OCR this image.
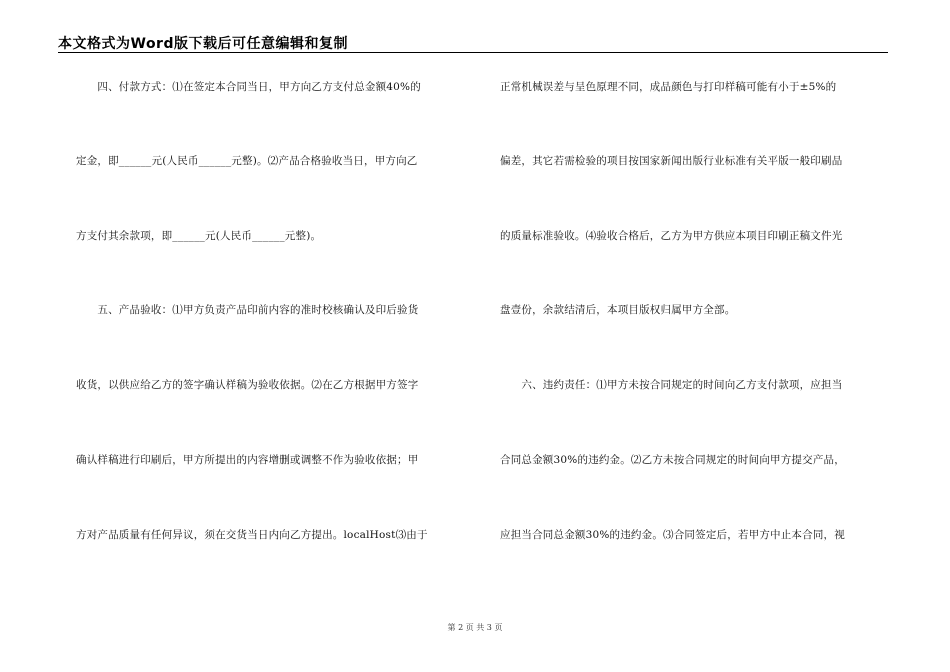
本文格式为Word版下载后可任意编辑和复制
　　四、付款方式：⑴在签定本合同当日，甲方向乙方支付总金额40%的
定金，即______元(人民币______元整)。⑵产品合格验收当日，甲方向乙
方支付其余款项，即______元(人民币______元整)。
　　五、产品验收：⑴甲方负责产品印前内容的准时校核确认及印后验货
收货，以供应给乙方的签字确认样稿为验收依据。⑵在乙方根据甲方签字
确认样稿进行印刷后，甲方所提出的内容增删或调整不作为验收依据；甲
方对产品质量有任何异议，须在交货当日内向乙方提出。localHost⑶由于
正常机械误差与呈色原理不同，成品颜色与打印样稿可能有小于±5%的
偏差，其它若需检验的项目按国家新闻出版行业标准有关平版一般印刷品
的质量标准验收。⑷验收合格后，乙方为甲方供应本项目印刷正稿文件光
盘壹份，余款结清后，本项目版权归属甲方全部。
　　六、违约责任：⑴甲方未按合同规定的时间向乙方支付款项，应担当
合同总金额30%的违约金。⑵乙方未按合同规定的时间向甲方提交产品，
应担当合同总金额30%的违约金。⑶合同签定后，若甲方中止本合同，视
第 2 页 共 3 页
